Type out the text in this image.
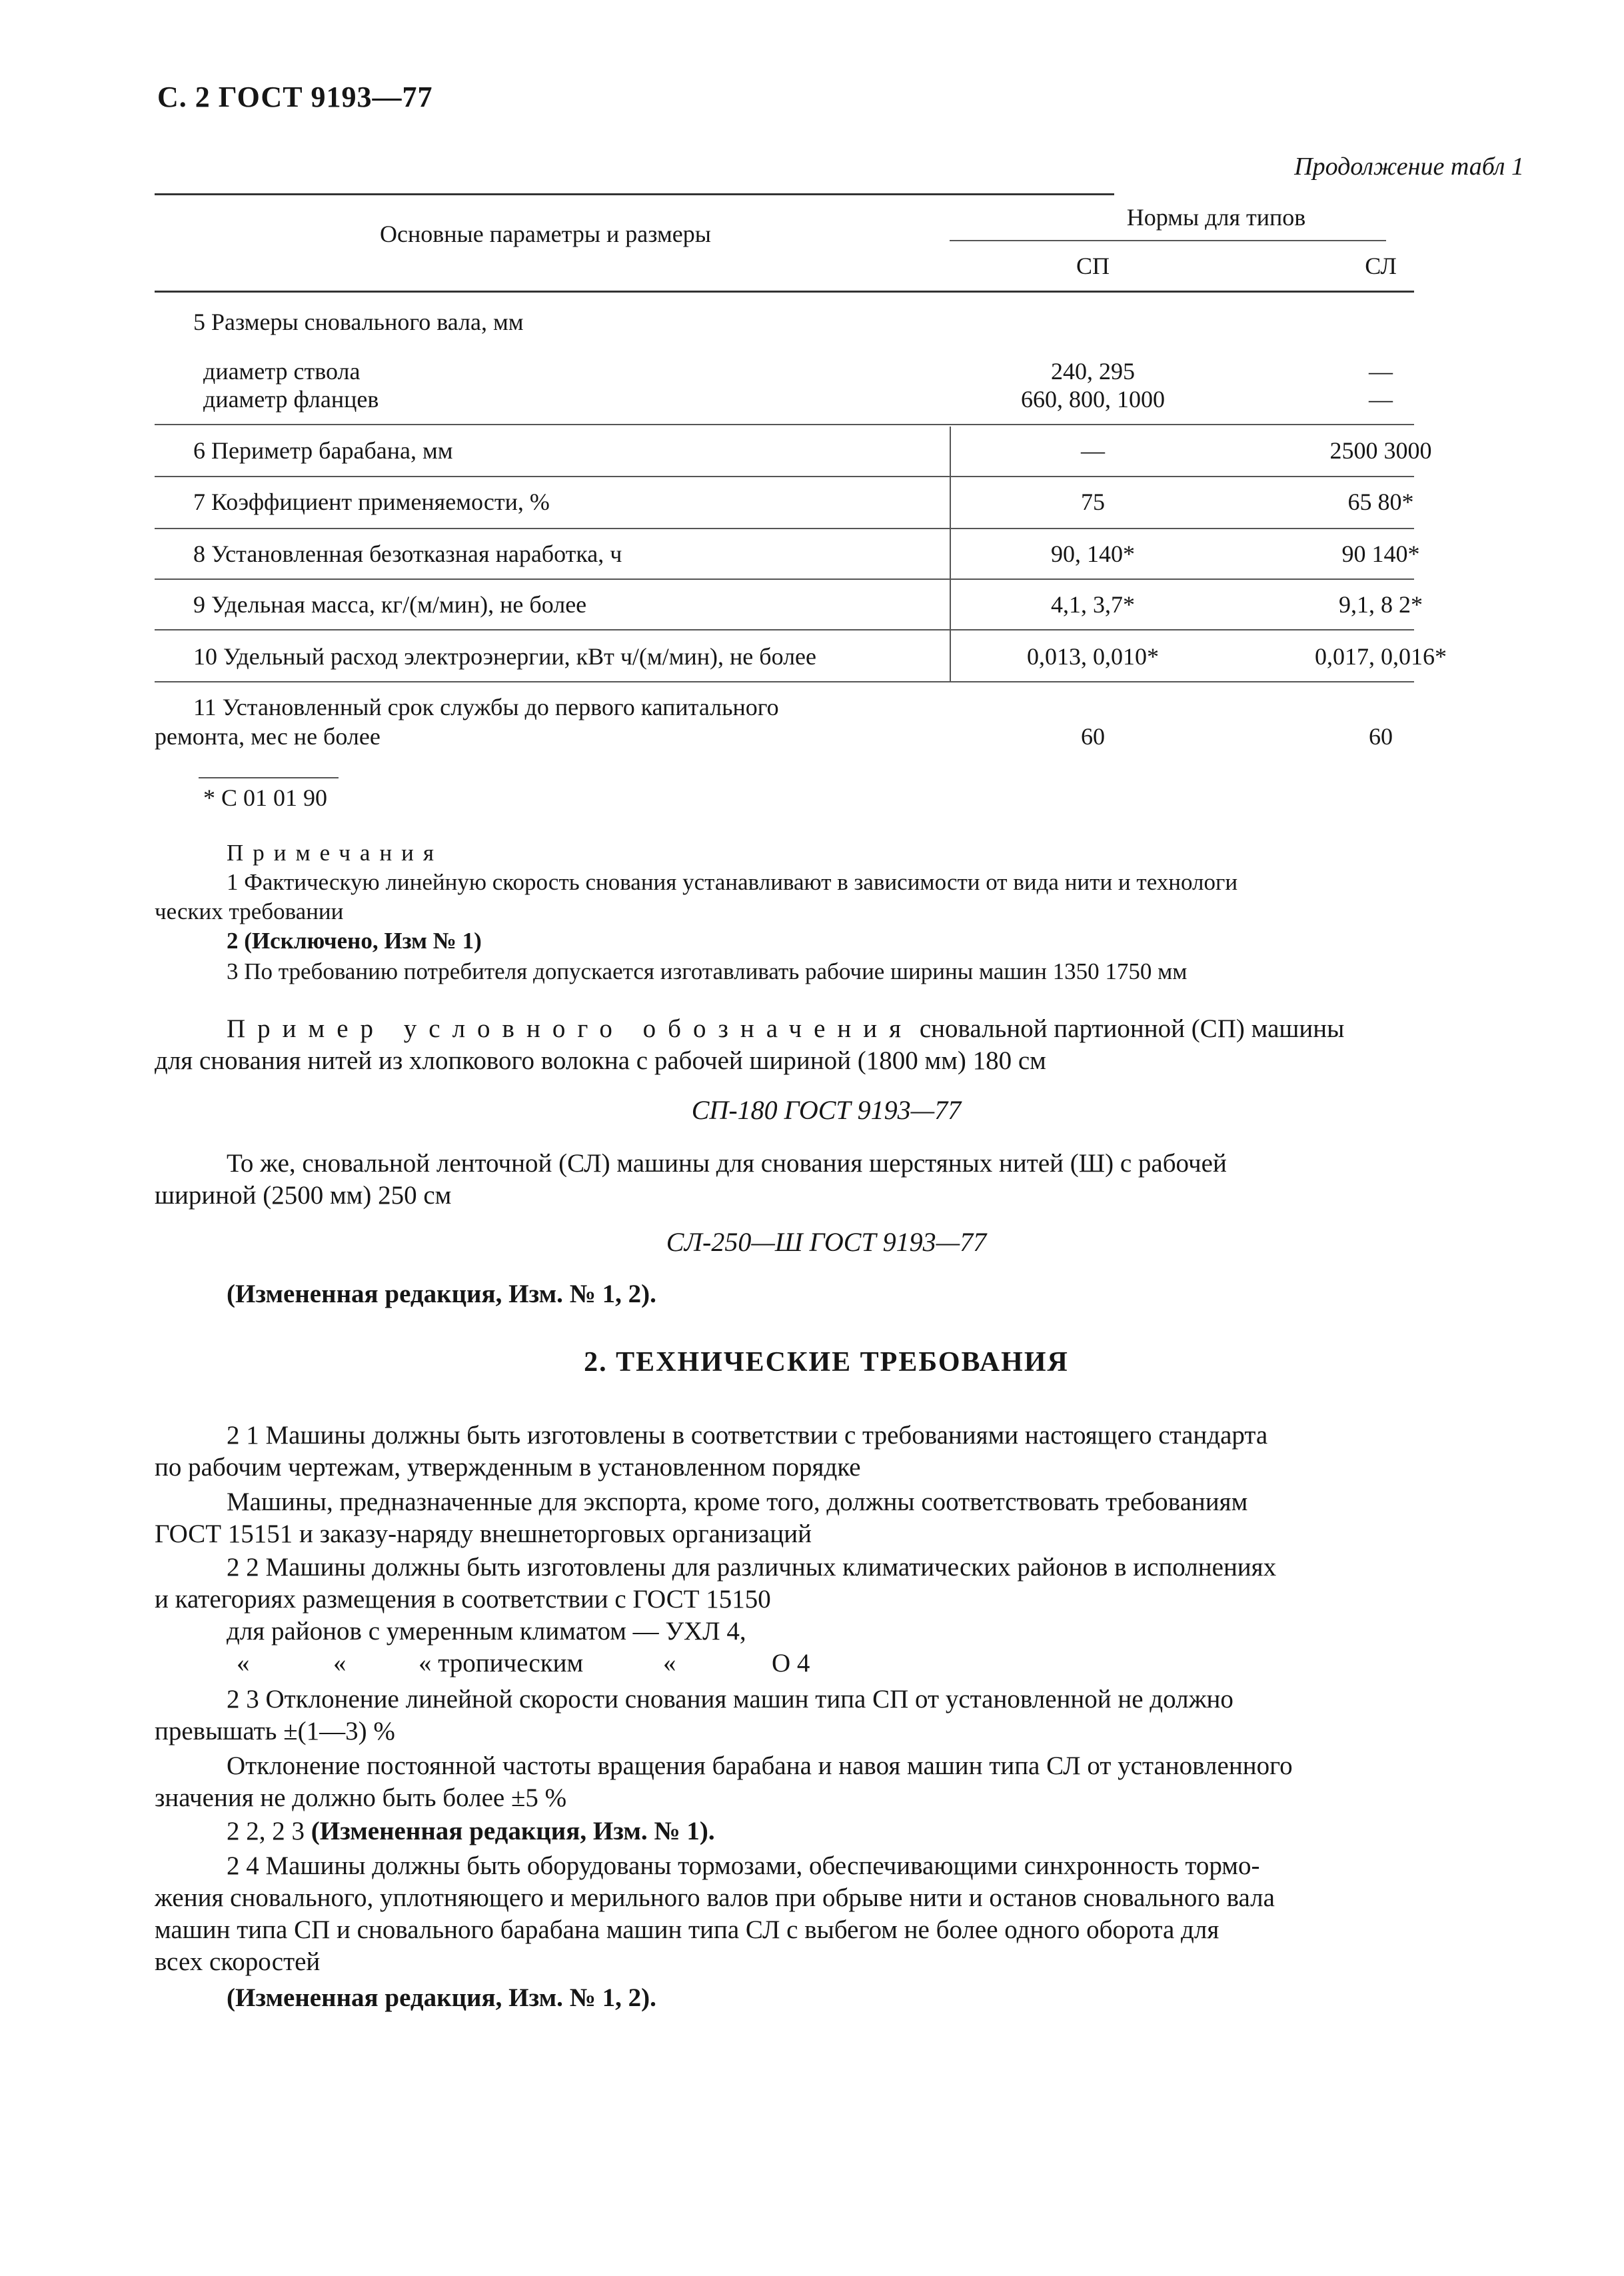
С. 2 ГОСТ 9193—77
Продолжение табл 1
Основные параметры и размеры
Нормы для типов
СП	СЛ
5 Размеры сновального вала, мм
диаметр ствола	240, 295	—
диаметр фланцев	660, 800, 1000	—
6 Периметр барабана, мм	—	2500 3000
7 Коэффициент применяемости, %	75	65 80*
8 Установленная безотказная наработка, ч	90, 140*	90 140*
9 Удельная масса, кг/(м/мин), не более	4,1, 3,7*	9,1, 8 2*
10 Удельный расход электроэнергии, кВт ч/(м/мин), не более	0,013, 0,010*	0,017, 0,016*
11 Установленный срок службы до первого капитального
ремонта, мес не более	60	60
* С 01 01 90
Примечания
1 Фактическую линейную скорость снования устанавливают в зависимости от вида нити и технологи
ческих требовании
2 (Исключено, Изм № 1)
3 По требованию потребителя допускается изготавливать рабочие ширины машин 1350 1750 мм
Пример условного обозначения сновальной партионной (СП) машины
для снования нитей из хлопкового волокна с рабочей шириной (1800 мм) 180 см
СП-180 ГОСТ 9193—77
То же, сновальной ленточной (СЛ) машины для снования шерстяных нитей (Ш) с рабочей
шириной (2500 мм) 250 см
СЛ-250—Ш ГОСТ 9193—77
(Измененная редакция, Изм. № 1, 2).
2. ТЕХНИЧЕСКИЕ ТРЕБОВАНИЯ
2 1 Машины должны быть изготовлены в соответствии с требованиями настоящего стандарта
по рабочим чертежам, утвержденным в установленном порядке
Машины, предназначенные для экспорта, кроме того, должны соответствовать требованиям
ГОСТ 15151 и заказу-наряду внешнеторговых организаций
2 2 Машины должны быть изготовлены для различных климатических районов в исполнениях
и категориях размещения в соответствии с ГОСТ 15150
для районов с умеренным климатом — УХЛ 4,
«	«	« тропическим	«	О 4
2 3 Отклонение линейной скорости снования машин типа СП от установленной не должно
превышать ±(1—3) %
Отклонение постоянной частоты вращения барабана и навоя машин типа СЛ от установленного
значения не должно быть более ±5 %
2 2, 2 3 (Измененная редакция, Изм. № 1).
2 4 Машины должны быть оборудованы тормозами, обеспечивающими синхронность тормо-
жения сновального, уплотняющего и мерильного валов при обрыве нити и останов сновального вала
машин типа СП и сновального барабана машин типа СЛ с выбегом не более одного оборота для
всех скоростей
(Измененная редакция, Изм. № 1, 2).
